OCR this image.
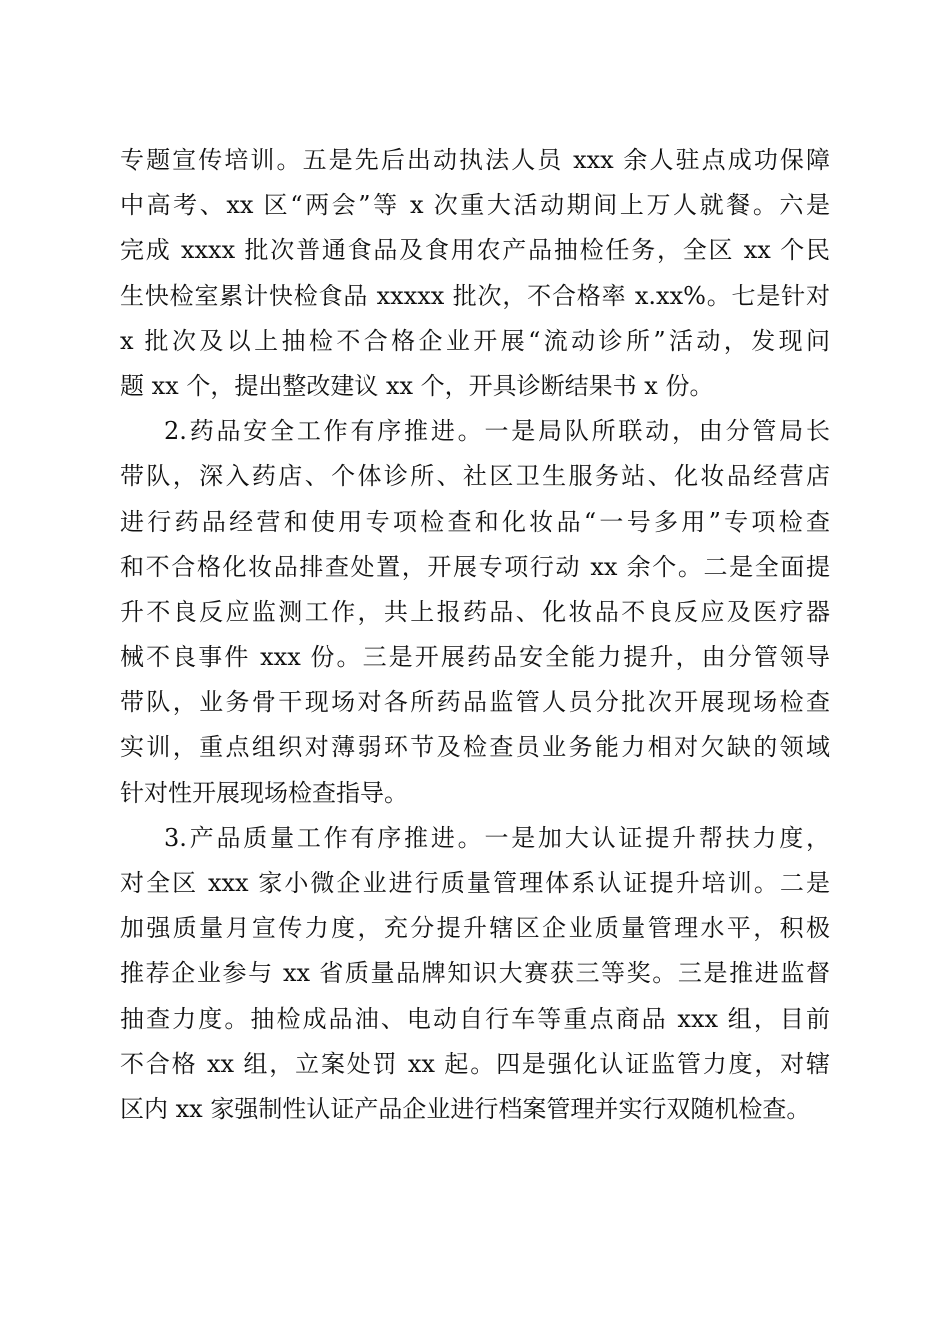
专题宣传培训。五是先后出动执法人员 xxx 余人驻点成功保障
中高考、xx 区“两会”等 x 次重大活动期间上万人就餐。六是
完成 xxxx 批次普通食品及食用农产品抽检任务，全区 xx 个民
生快检室累计快检食品 xxxxx 批次，不合格率 x.xx%。七是针对
x 批次及以上抽检不合格企业开展“流动诊所”活动，发现问
题 xx 个，提出整改建议 xx 个，开具诊断结果书 x 份。
2.药品安全工作有序推进。一是局队所联动，由分管局长
带队，深入药店、个体诊所、社区卫生服务站、化妆品经营店
进行药品经营和使用专项检查和化妆品“一号多用”专项检查
和不合格化妆品排查处置，开展专项行动 xx 余个。二是全面提
升不良反应监测工作，共上报药品、化妆品不良反应及医疗器
械不良事件 xxx 份。三是开展药品安全能力提升，由分管领导
带队，业务骨干现场对各所药品监管人员分批次开展现场检查
实训，重点组织对薄弱环节及检查员业务能力相对欠缺的领域
针对性开展现场检查指导。
3.产品质量工作有序推进。一是加大认证提升帮扶力度，
对全区 xxx 家小微企业进行质量管理体系认证提升培训。二是
加强质量月宣传力度，充分提升辖区企业质量管理水平，积极
推荐企业参与 xx 省质量品牌知识大赛获三等奖。三是推进监督
抽查力度。抽检成品油、电动自行车等重点商品 xxx 组，目前
不合格 xx 组，立案处罚 xx 起。四是强化认证监管力度，对辖
区内 xx 家强制性认证产品企业进行档案管理并实行双随机检查。
